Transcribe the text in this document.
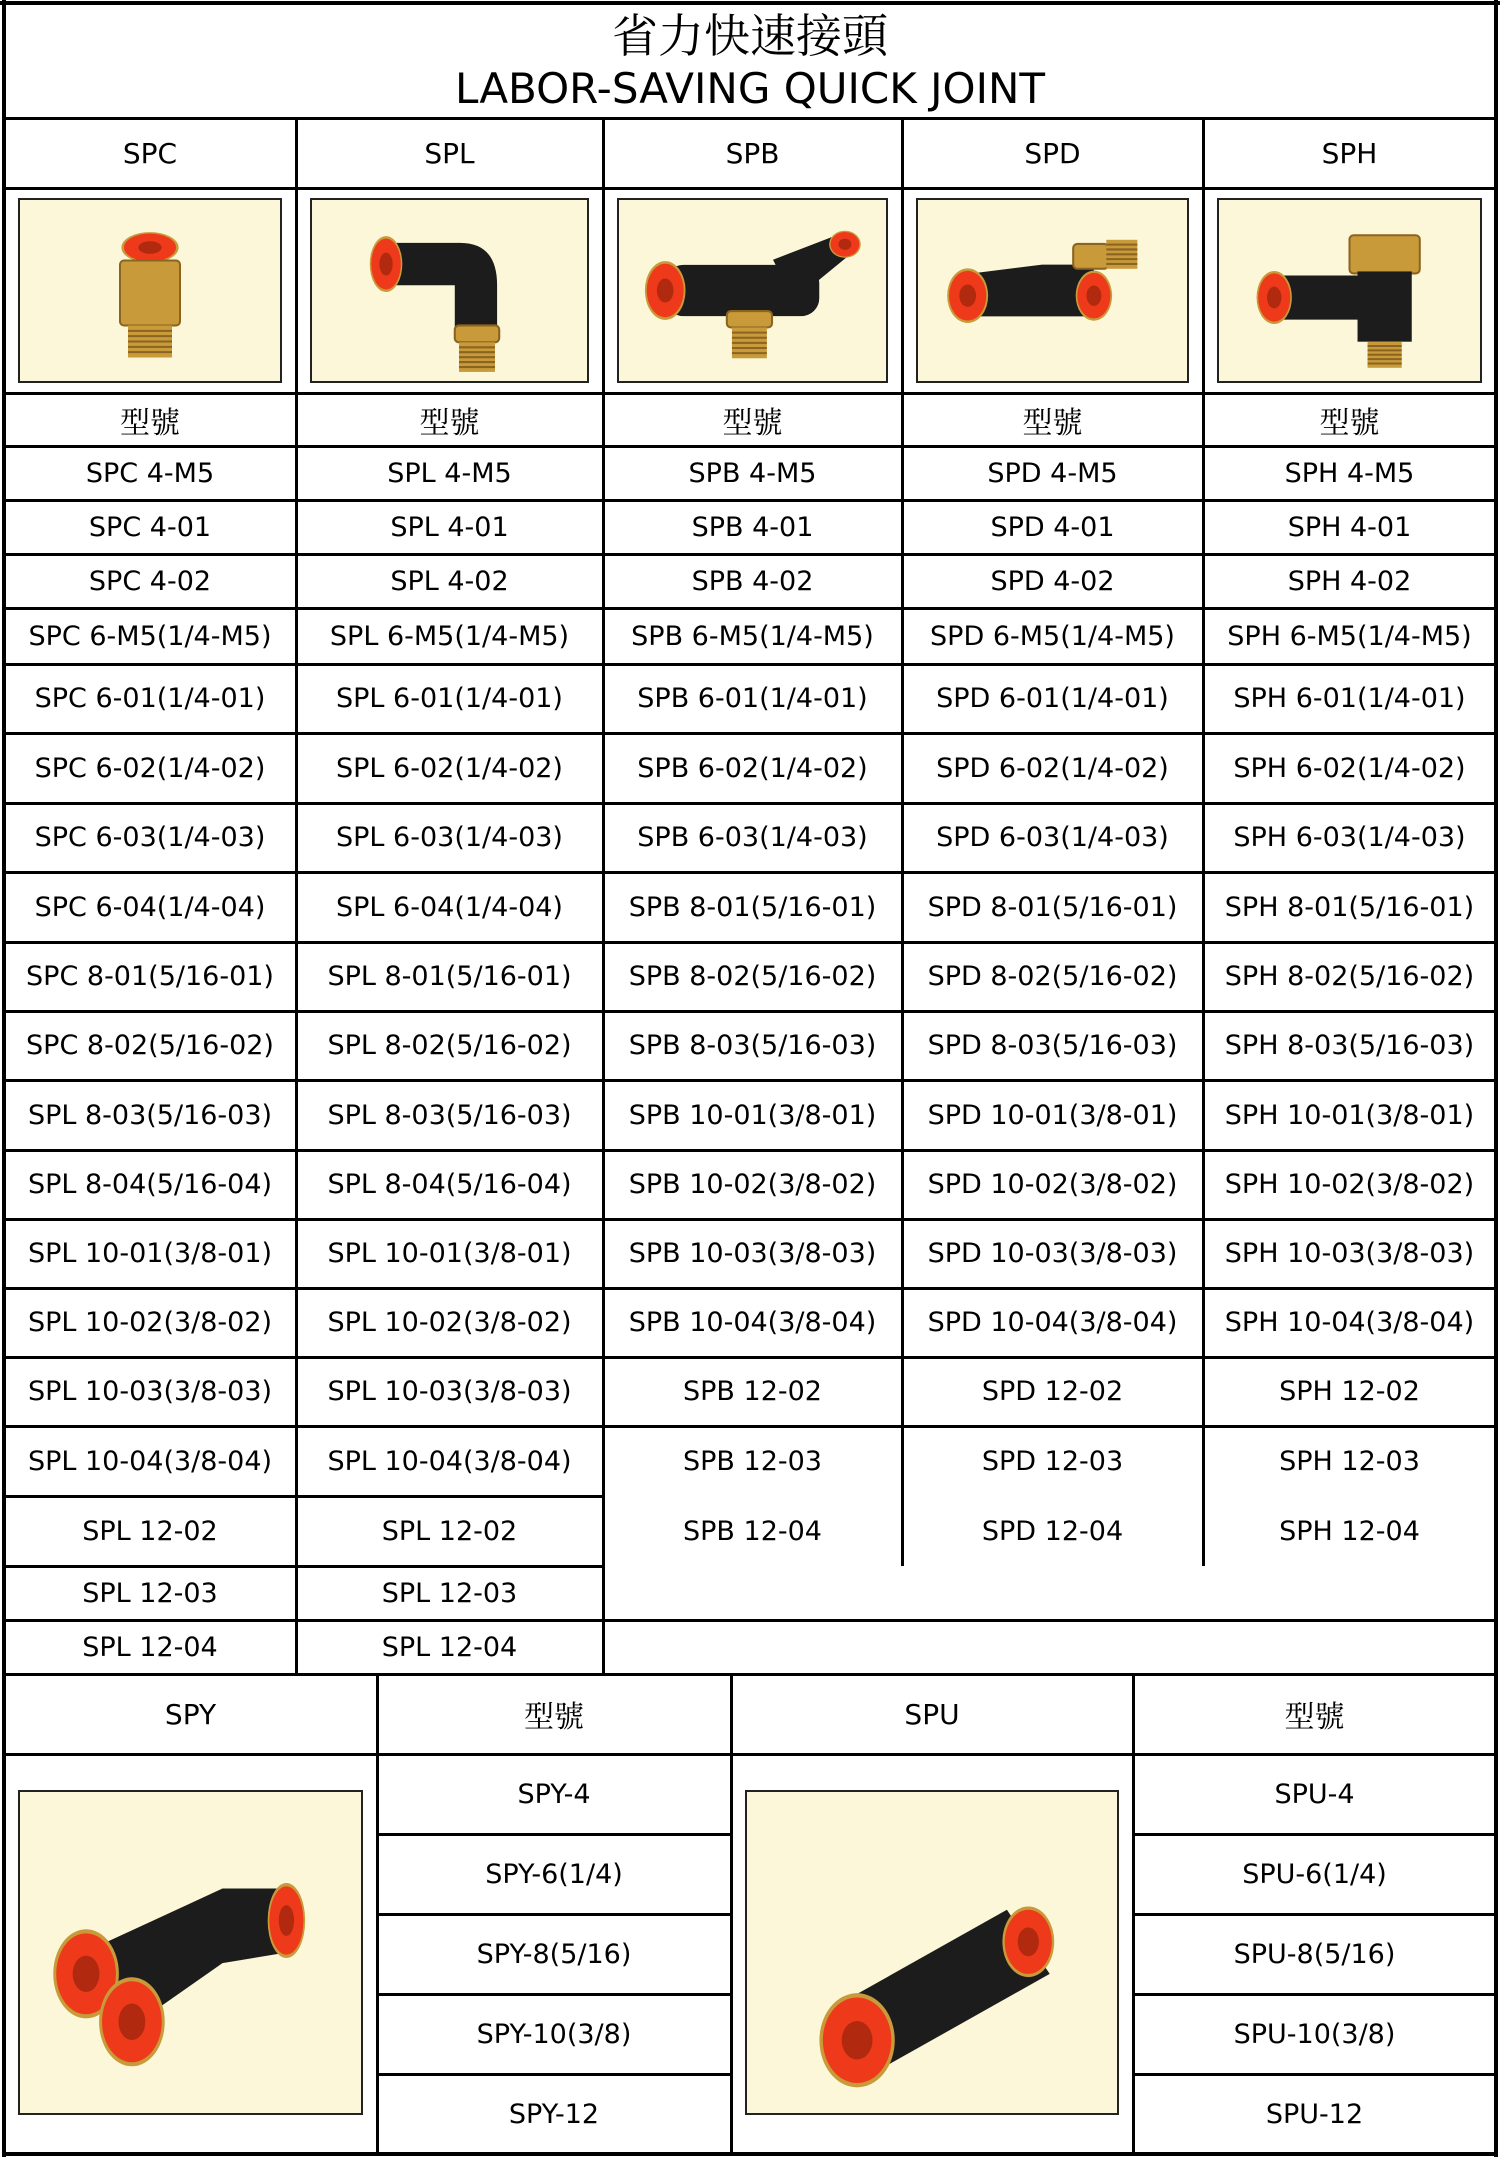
省力快速接頭
LABOR-SAVING QUICK JOINT
SPC
型號
SPC 4-M5
SPC 4-01
SPC 4-02
SPC 6-M5(1/4-M5)
SPC 6-01(1/4-01)
SPC 6-02(1/4-02)
SPC 6-03(1/4-03)
SPC 6-04(1/4-04)
SPC 8-01(5/16-01)
SPC 8-02(5/16-02)
SPL 8-03(5/16-03)
SPL 8-04(5/16-04)
SPL 10-01(3/8-01)
SPL 10-02(3/8-02)
SPL 10-03(3/8-03)
SPL 10-04(3/8-04)
SPL 12-02
SPL 12-03
SPL 12-04
SPL
型號
SPL 4-M5
SPL 4-01
SPL 4-02
SPL 6-M5(1/4-M5)
SPL 6-01(1/4-01)
SPL 6-02(1/4-02)
SPL 6-03(1/4-03)
SPL 6-04(1/4-04)
SPL 8-01(5/16-01)
SPL 8-02(5/16-02)
SPL 8-03(5/16-03)
SPL 8-04(5/16-04)
SPL 10-01(3/8-01)
SPL 10-02(3/8-02)
SPL 10-03(3/8-03)
SPL 10-04(3/8-04)
SPL 12-02
SPL 12-03
SPL 12-04
SPB
型號
SPB 4-M5
SPB 4-01
SPB 4-02
SPB 6-M5(1/4-M5)
SPB 6-01(1/4-01)
SPB 6-02(1/4-02)
SPB 6-03(1/4-03)
SPB 8-01(5/16-01)
SPB 8-02(5/16-02)
SPB 8-03(5/16-03)
SPB 10-01(3/8-01)
SPB 10-02(3/8-02)
SPB 10-03(3/8-03)
SPB 10-04(3/8-04)
SPB 12-02
SPB 12-03
SPB 12-04
SPD
型號
SPD 4-M5
SPD 4-01
SPD 4-02
SPD 6-M5(1/4-M5)
SPD 6-01(1/4-01)
SPD 6-02(1/4-02)
SPD 6-03(1/4-03)
SPD 8-01(5/16-01)
SPD 8-02(5/16-02)
SPD 8-03(5/16-03)
SPD 10-01(3/8-01)
SPD 10-02(3/8-02)
SPD 10-03(3/8-03)
SPD 10-04(3/8-04)
SPD 12-02
SPD 12-03
SPD 12-04
SPH
型號
SPH 4-M5
SPH 4-01
SPH 4-02
SPH 6-M5(1/4-M5)
SPH 6-01(1/4-01)
SPH 6-02(1/4-02)
SPH 6-03(1/4-03)
SPH 8-01(5/16-01)
SPH 8-02(5/16-02)
SPH 8-03(5/16-03)
SPH 10-01(3/8-01)
SPH 10-02(3/8-02)
SPH 10-03(3/8-03)
SPH 10-04(3/8-04)
SPH 12-02
SPH 12-03
SPH 12-04
SPY	型號
SPY-4
SPY-6(1/4)
SPY-8(5/16)
SPY-10(3/8)
SPY-12
SPU	型號
SPU-4
SPU-6(1/4)
SPU-8(5/16)
SPU-10(3/8)
SPU-12
